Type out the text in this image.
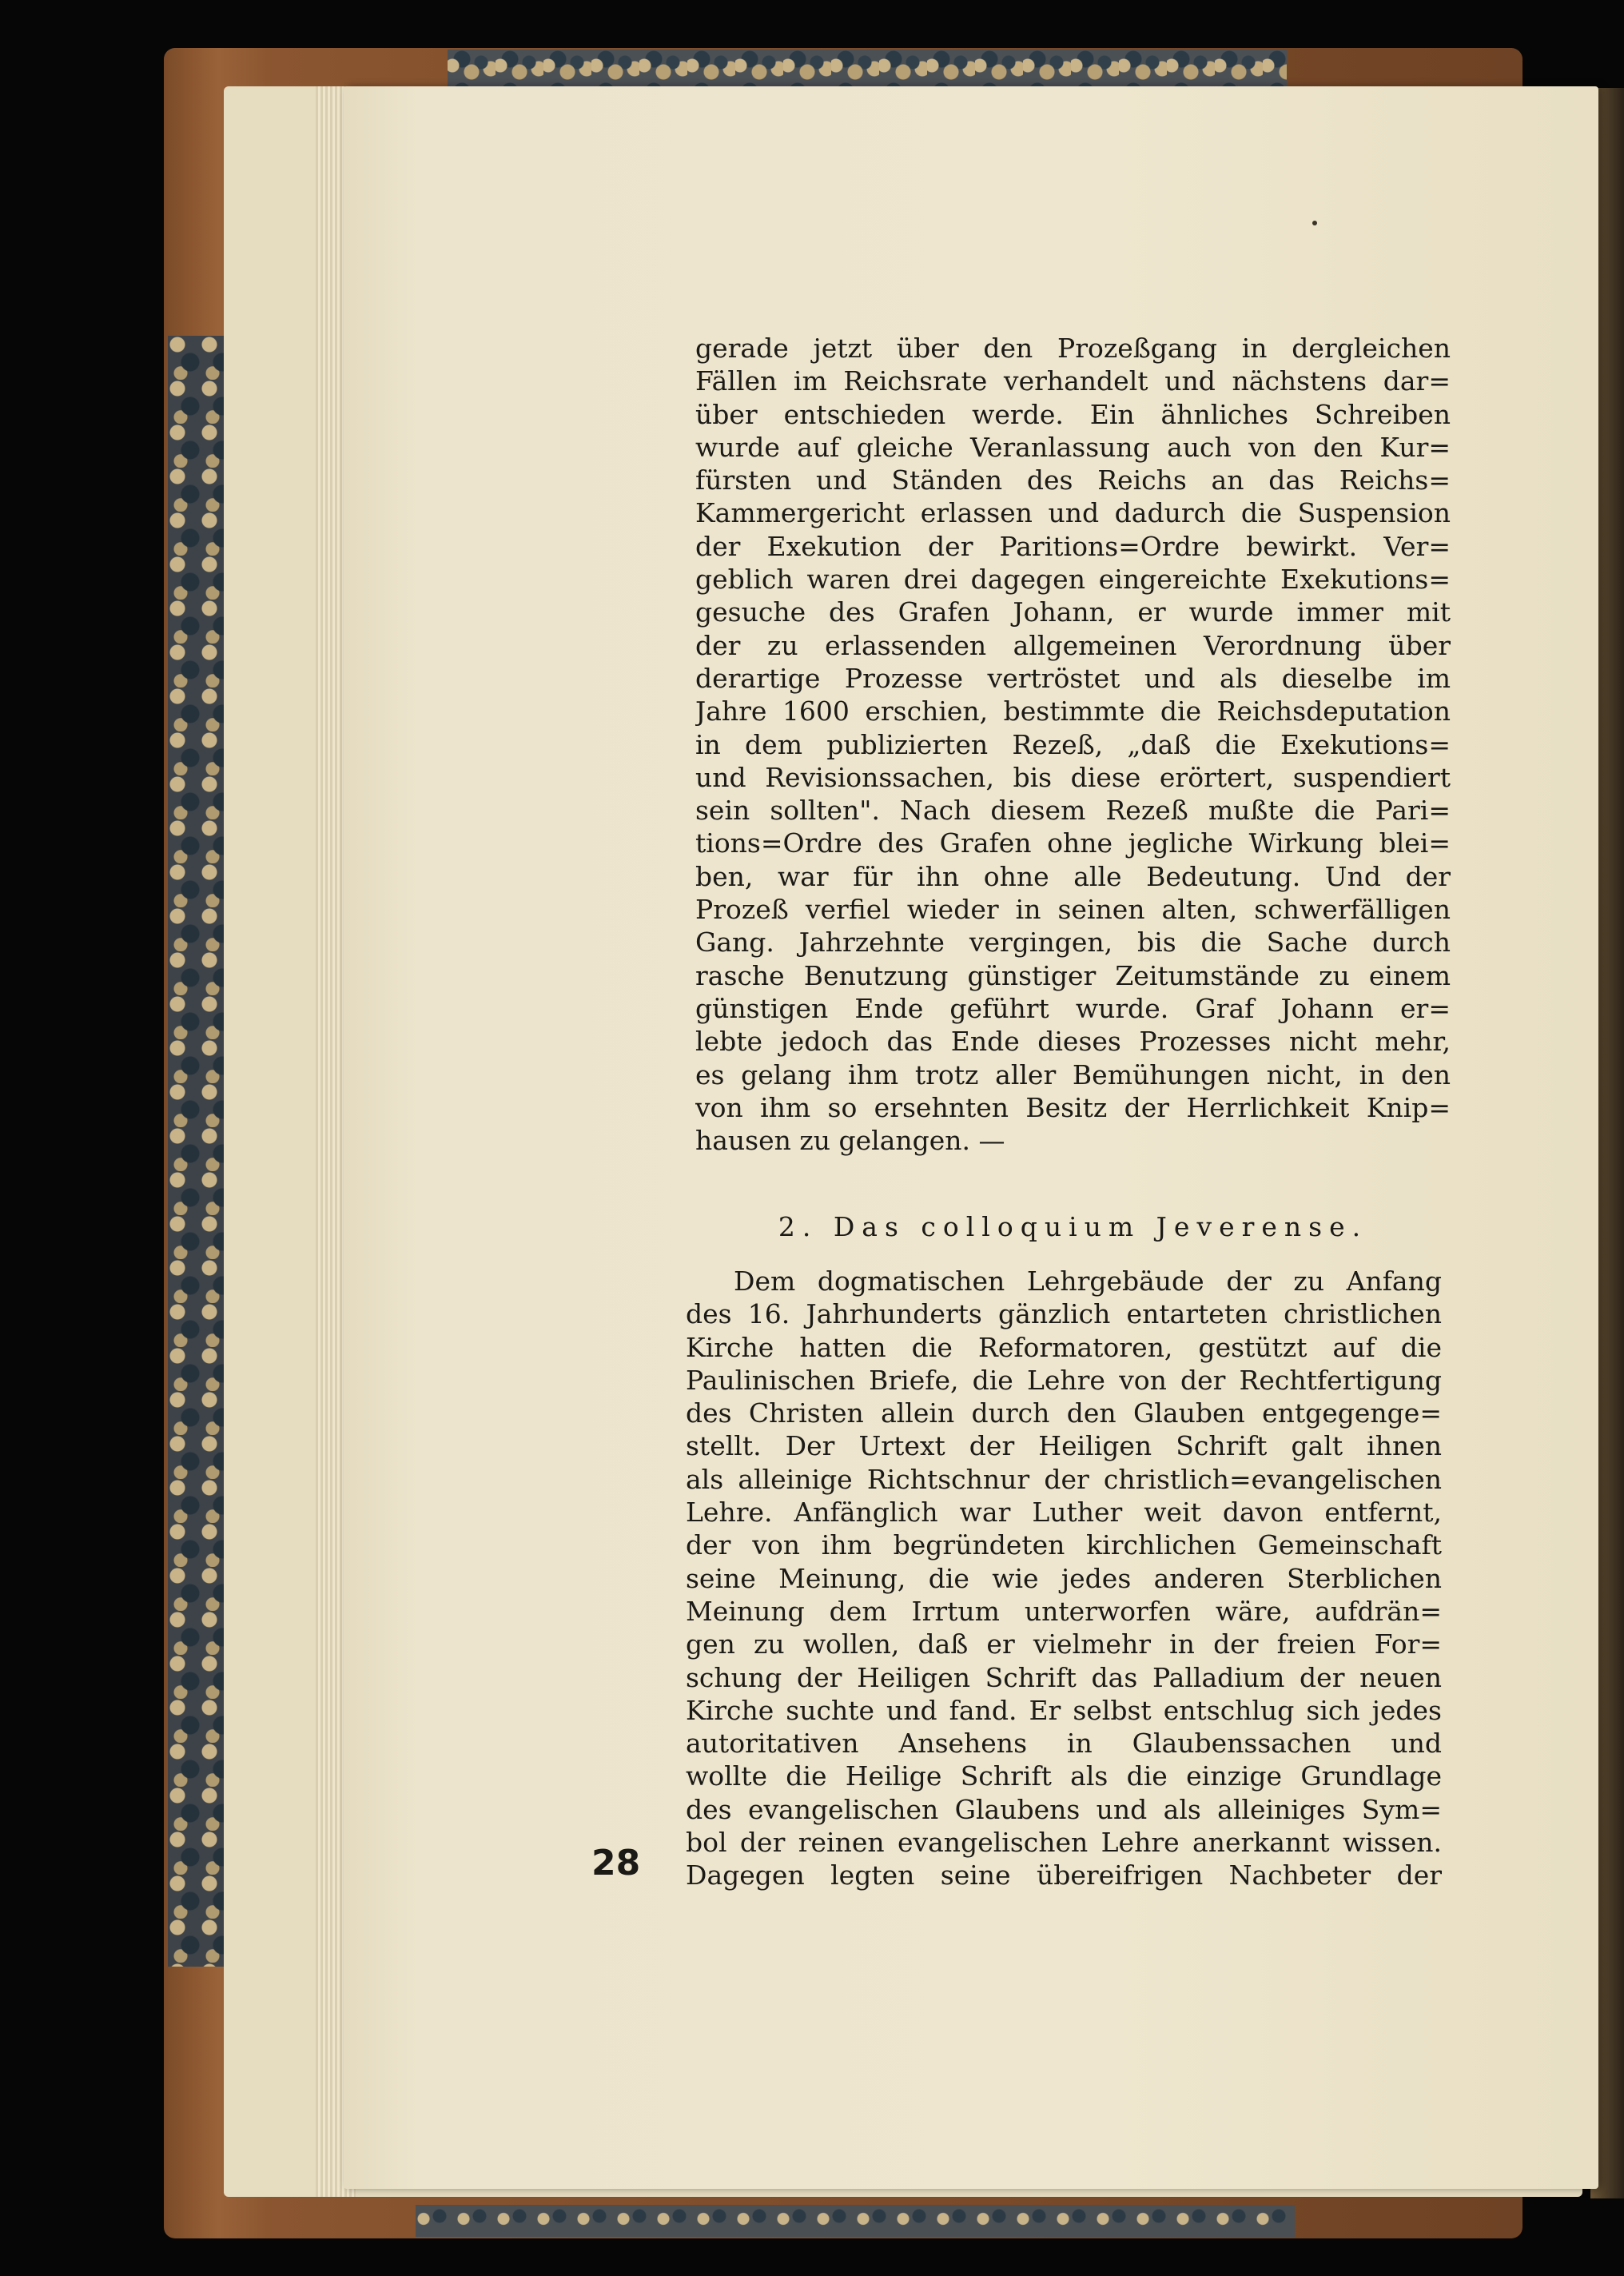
gerade jetzt über den Prozeßgang in dergleichen
Fällen im Reichsrate verhandelt und nächstens dar=
über entschieden werde. Ein ähnliches Schreiben
wurde auf gleiche Veranlassung auch von den Kur=
fürsten und Ständen des Reichs an das Reichs=
Kammergericht erlassen und dadurch die Suspension
der Exekution der Paritions=Ordre bewirkt. Ver=
geblich waren drei dagegen eingereichte Exekutions=
gesuche des Grafen Johann, er wurde immer mit
der zu erlassenden allgemeinen Verordnung über
derartige Prozesse vertröstet und als dieselbe im
Jahre 1600 erschien, bestimmte die Reichsdeputation
in dem publizierten Rezeß, „daß die Exekutions=
und Revisionssachen, bis diese erörtert, suspendiert
sein sollten". Nach diesem Rezeß mußte die Pari=
tions=Ordre des Grafen ohne jegliche Wirkung blei=
ben, war für ihn ohne alle Bedeutung. Und der
Prozeß verfiel wieder in seinen alten, schwerfälligen
Gang. Jahrzehnte vergingen, bis die Sache durch
rasche Benutzung günstiger Zeitumstände zu einem
günstigen Ende geführt wurde. Graf Johann er=
lebte jedoch das Ende dieses Prozesses nicht mehr,
es gelang ihm trotz aller Bemühungen nicht, in den
von ihm so ersehnten Besitz der Herrlichkeit Knip=
hausen zu gelangen. —
2. Das colloquium Jeverense.
Dem dogmatischen Lehrgebäude der zu Anfang
des 16. Jahrhunderts gänzlich entarteten christlichen
Kirche hatten die Reformatoren, gestützt auf die
Paulinischen Briefe, die Lehre von der Rechtfertigung
des Christen allein durch den Glauben entgegenge=
stellt. Der Urtext der Heiligen Schrift galt ihnen
als alleinige Richtschnur der christlich=evangelischen
Lehre. Anfänglich war Luther weit davon entfernt,
der von ihm begründeten kirchlichen Gemeinschaft
seine Meinung, die wie jedes anderen Sterblichen
Meinung dem Irrtum unterworfen wäre, aufdrän=
gen zu wollen, daß er vielmehr in der freien For=
schung der Heiligen Schrift das Palladium der neuen
Kirche suchte und fand. Er selbst entschlug sich jedes
autoritativen Ansehens in Glaubenssachen und
wollte die Heilige Schrift als die einzige Grundlage
des evangelischen Glaubens und als alleiniges Sym=
bol der reinen evangelischen Lehre anerkannt wissen.
Dagegen legten seine übereifrigen Nachbeter der
28
